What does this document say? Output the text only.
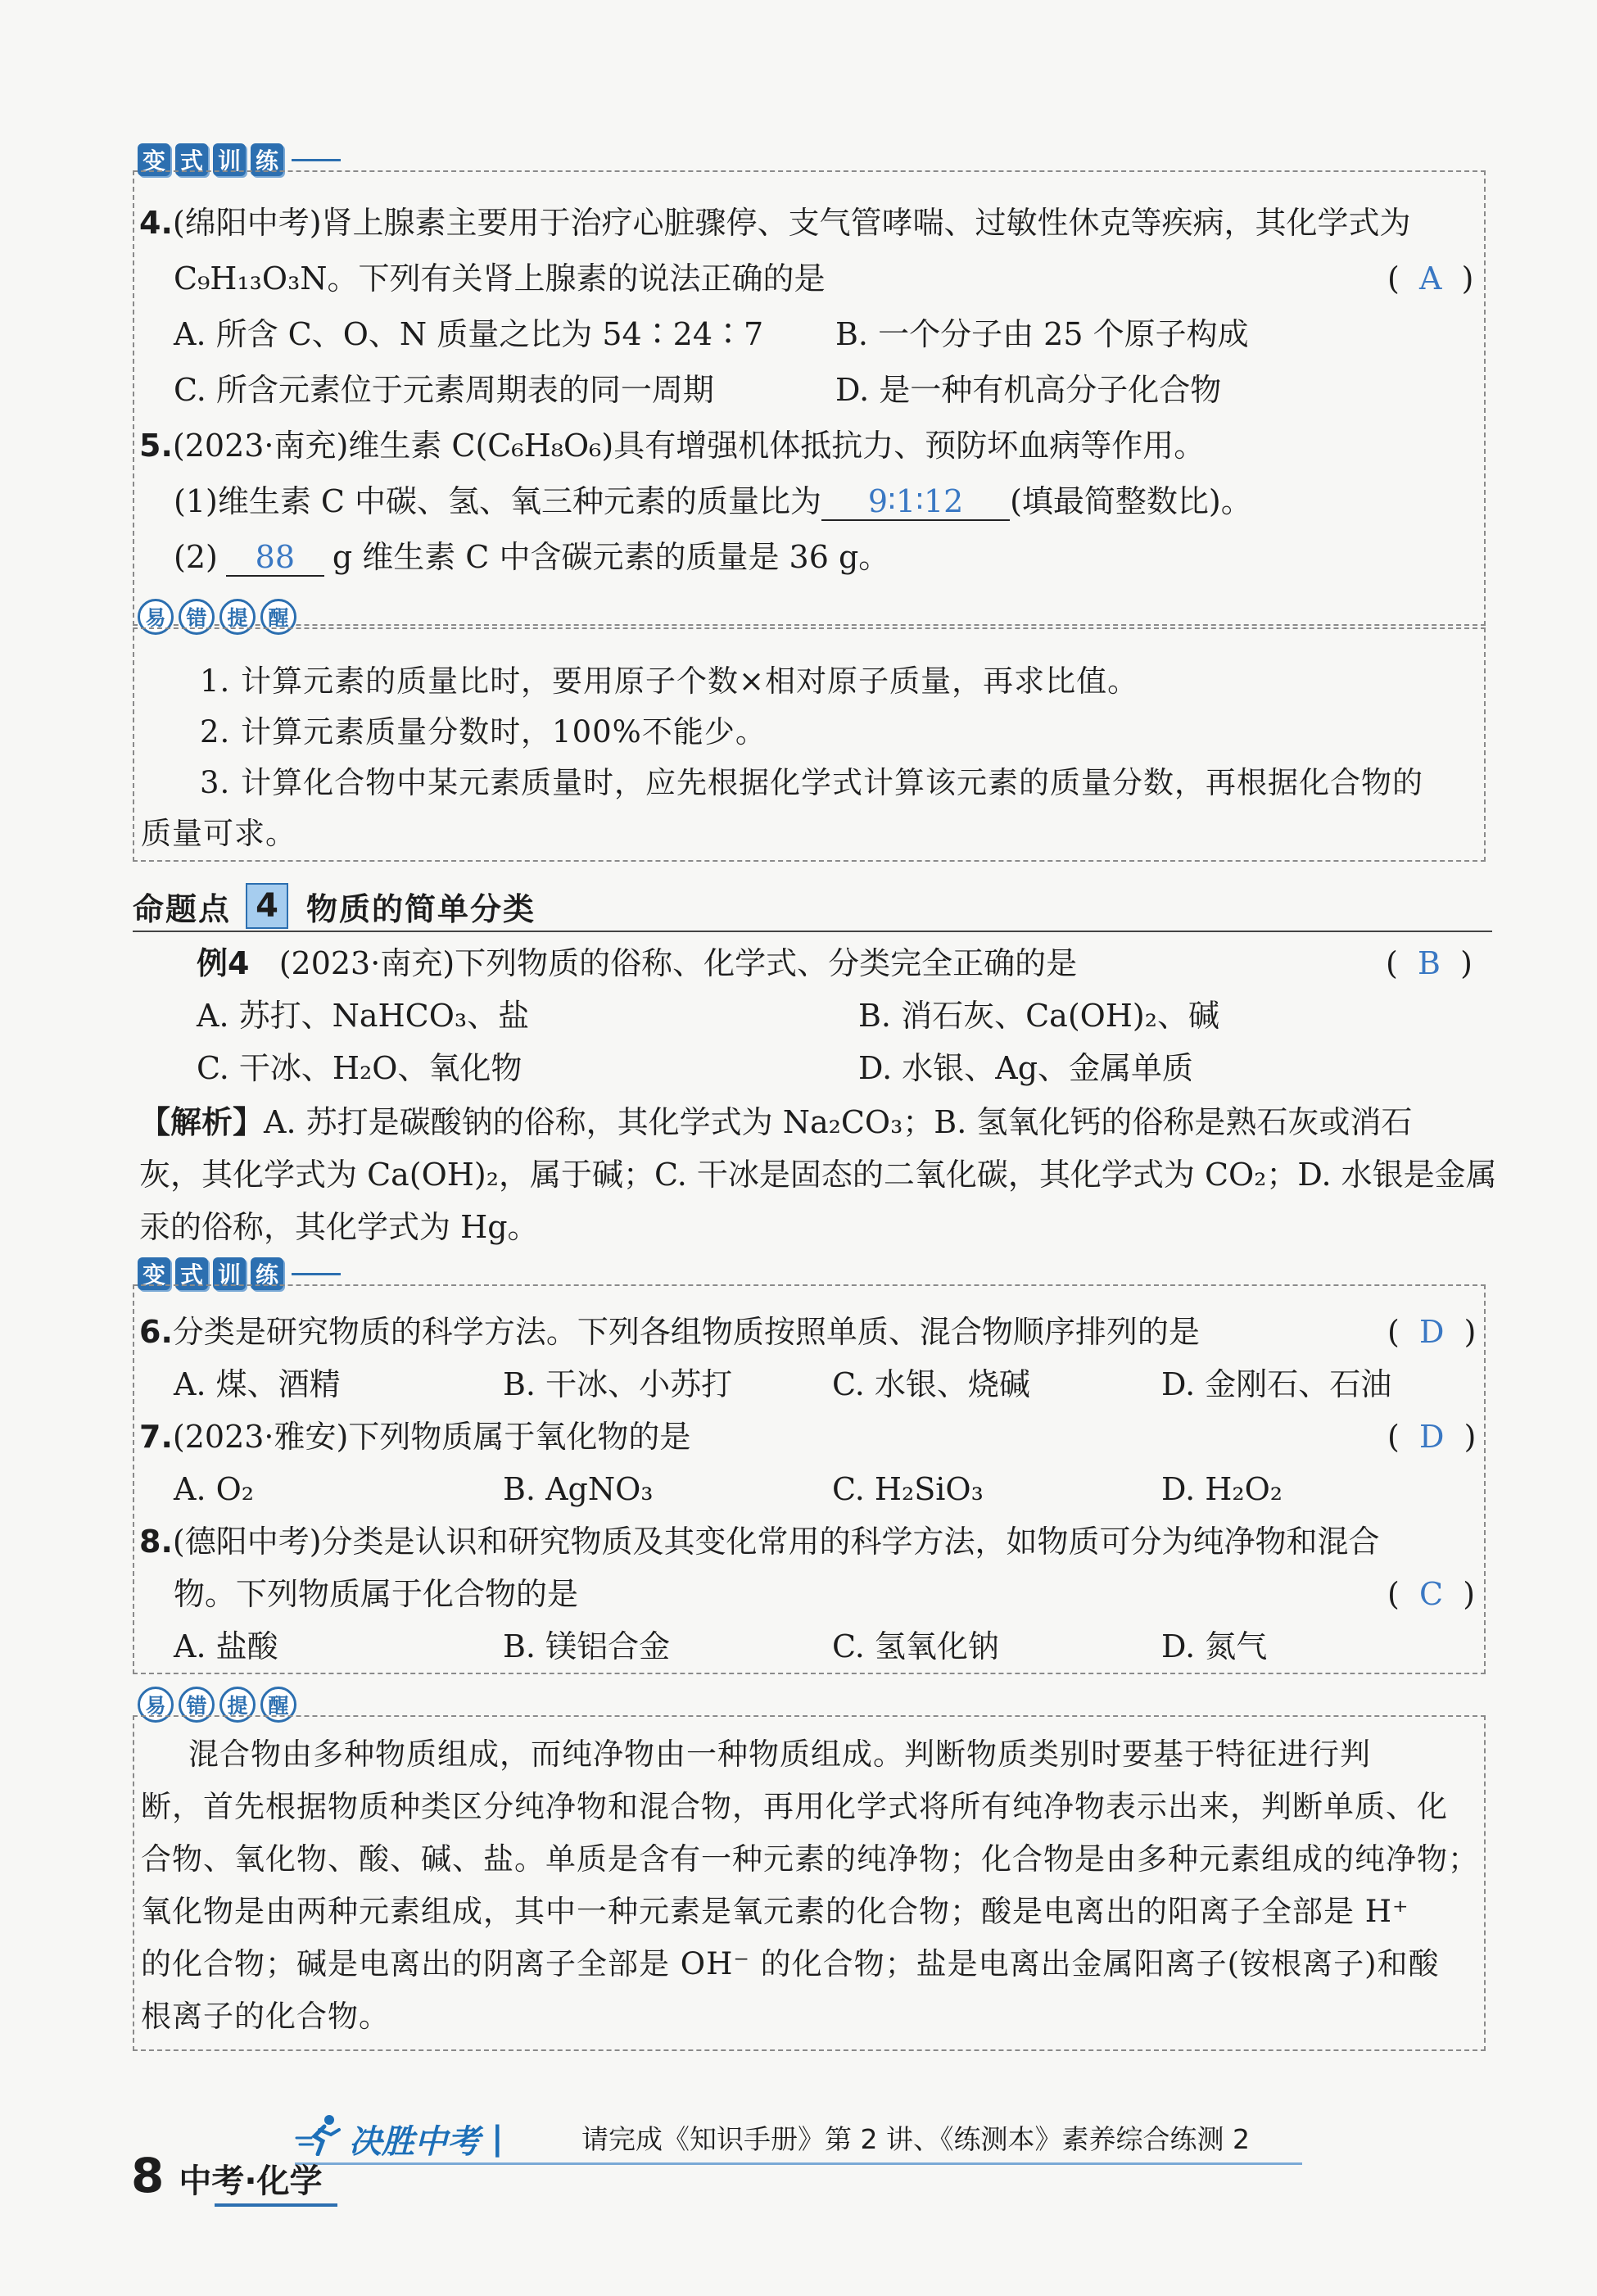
变 式 训 练
4.(绵阳中考)肾上腺素主要用于治疗心脏骤停、支气管哮喘、过敏性休克等疾病，其化学式为
C₉H₁₃O₃N。下列有关肾上腺素的说法正确的是	(  A  )
A. 所含 C、O、N 质量之比为 54∶24∶7 B. 一个分子由 25 个原子构成
C. 所含元素位于元素周期表的同一周期	D. 是一种有机高分子化合物
5.(2023·南充)维生素 C(C₆H₈O₆)具有增强机体抵抗力、预防坏血病等作用。
(1)维生素 C 中碳、氢、氧三种元素的质量比为 9∶1∶12 (填最简整数比)。
(2) 88 g 维生素 C 中含碳元素的质量是 36 g。
易 错 提 醒
1. 计算元素的质量比时，要用原子个数×相对原子质量，再求比值。
2. 计算元素质量分数时，100%不能少。
3. 计算化合物中某元素质量时，应先根据化学式计算该元素的质量分数，再根据化合物的
质量可求。
命题点 4 物质的简单分类
例4 (2023·南充)下列物质的俗称、化学式、分类完全正确的是	(  B  )
A. 苏打、NaHCO₃、盐	B. 消石灰、Ca(OH)₂、碱
C. 干冰、H₂O、氧化物	D. 水银、Ag、金属单质
【解析】A. 苏打是碳酸钠的俗称，其化学式为 Na₂CO₃；B. 氢氧化钙的俗称是熟石灰或消石
灰，其化学式为 Ca(OH)₂，属于碱；C. 干冰是固态的二氧化碳，其化学式为 CO₂；D. 水银是金属
汞的俗称，其化学式为 Hg。
变 式 训 练
6.分类是研究物质的科学方法。下列各组物质按照单质、混合物顺序排列的是	(  D  )
A. 煤、酒精	B. 干冰、小苏打	C. 水银、烧碱	D. 金刚石、石油
7.(2023·雅安)下列物质属于氧化物的是	(  D  )
A. O₂	B. AgNO₃	C. H₂SiO₃	D. H₂O₂
8.(德阳中考)分类是认识和研究物质及其变化常用的科学方法，如物质可分为纯净物和混合
物。下列物质属于化合物的是	(  C  )
A. 盐酸	B. 镁铝合金	C. 氢氧化钠	D. 氮气
易 错 提 醒
混合物由多种物质组成，而纯净物由一种物质组成。判断物质类别时要基于特征进行判
断，首先根据物质种类区分纯净物和混合物，再用化学式将所有纯净物表示出来，判断单质、化
合物、氧化物、酸、碱、盐。单质是含有一种元素的纯净物；化合物是由多种元素组成的纯净物；
氧化物是由两种元素组成，其中一种元素是氧元素的化合物；酸是电离出的阳离子全部是 H⁺
的化合物；碱是电离出的阴离子全部是 OH⁻ 的化合物；盐是电离出金属阳离子(铵根离子)和酸
根离子的化合物。
决胜中考 |	请完成《知识手册》第 2 讲、《练测本》素养综合练测 2
8 中考·化学
